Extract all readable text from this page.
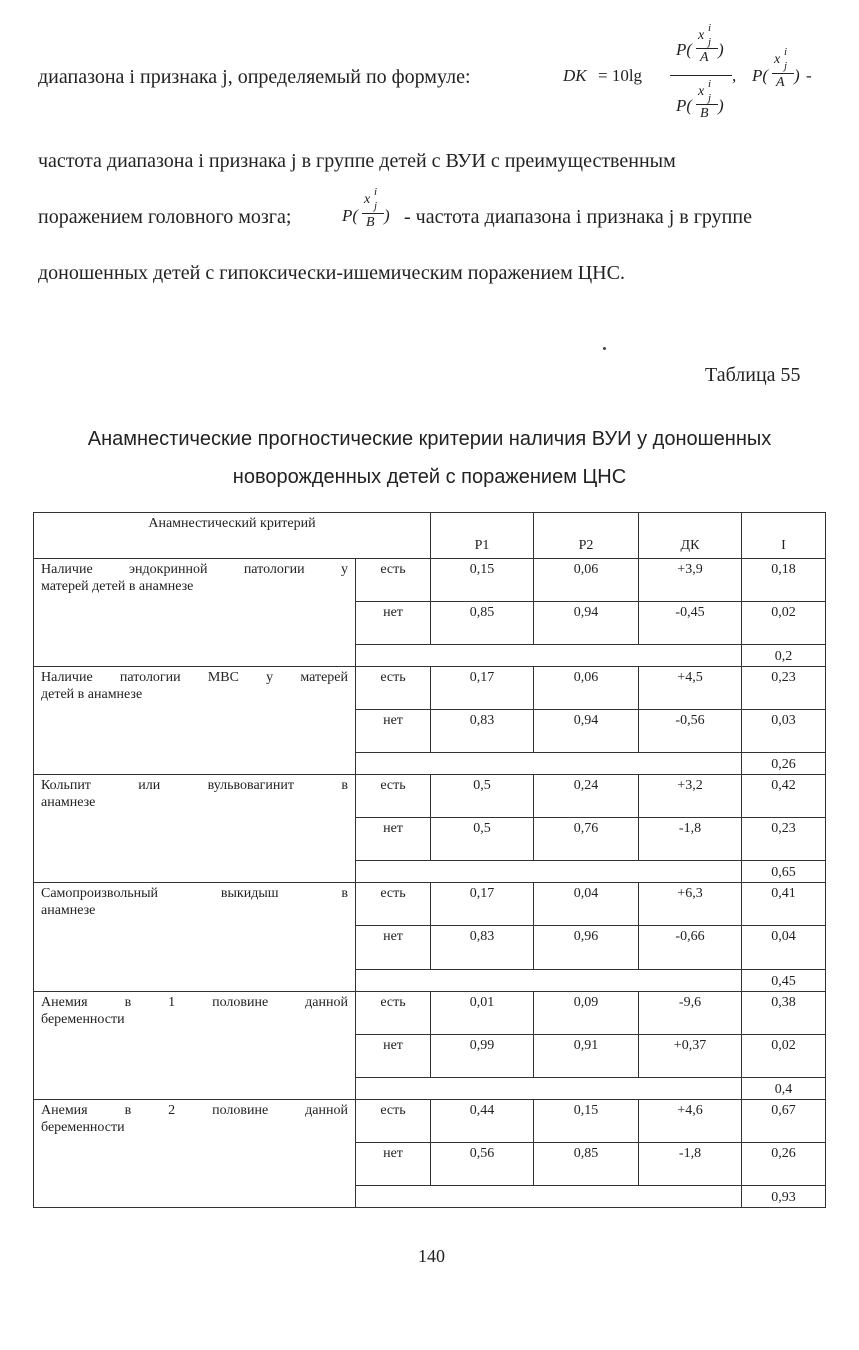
диапазона i признака j, определяемый по формуле:	DK = 10lg
P(
x i
j
A )
P(
x i
j
B )
, P(
x i
j
A ) -
частота диапазона i признака j в группе детей с ВУИ с преимущественным
поражением головного мозга;	P(
x i
j
B ) - частота диапазона i признака j в группе
доношенных детей с гипоксически-ишемическим поражением ЦНС.
Таблица 55
Анамнестические прогностические критерии наличия ВУИ у доношенных
новорожденных детей с поражением ЦНС
Анамнестический критерий		P1	P2	ДК	I
Наличие эндокринной патологии у
матерей детей в анамнезе	есть	0,15	0,06	+3,9	0,18
	нет	0,85	0,94	-0,45	0,02
					0,2
Наличие патологии МВС у матерей
детей в анамнезе	есть	0,17	0,06	+4,5	0,23
	нет	0,83	0,94	-0,56	0,03
					0,26
Кольпит или вульвовагинит в
анамнезе	есть	0,5	0,24	+3,2	0,42
	нет	0,5	0,76	-1,8	0,23
					0,65
Самопроизвольный выкидыш в
анамнезе	есть	0,17	0,04	+6,3	0,41
	нет	0,83	0,96	-0,66	0,04
					0,45
Анемия в 1 половине данной
беременности	есть	0,01	0,09	-9,6	0,38
	нет	0,99	0,91	+0,37	0,02
					0,4
Анемия в 2 половине данной
беременности	есть	0,44	0,15	+4,6	0,67
	нет	0,56	0,85	-1,8	0,26
					0,93
140
